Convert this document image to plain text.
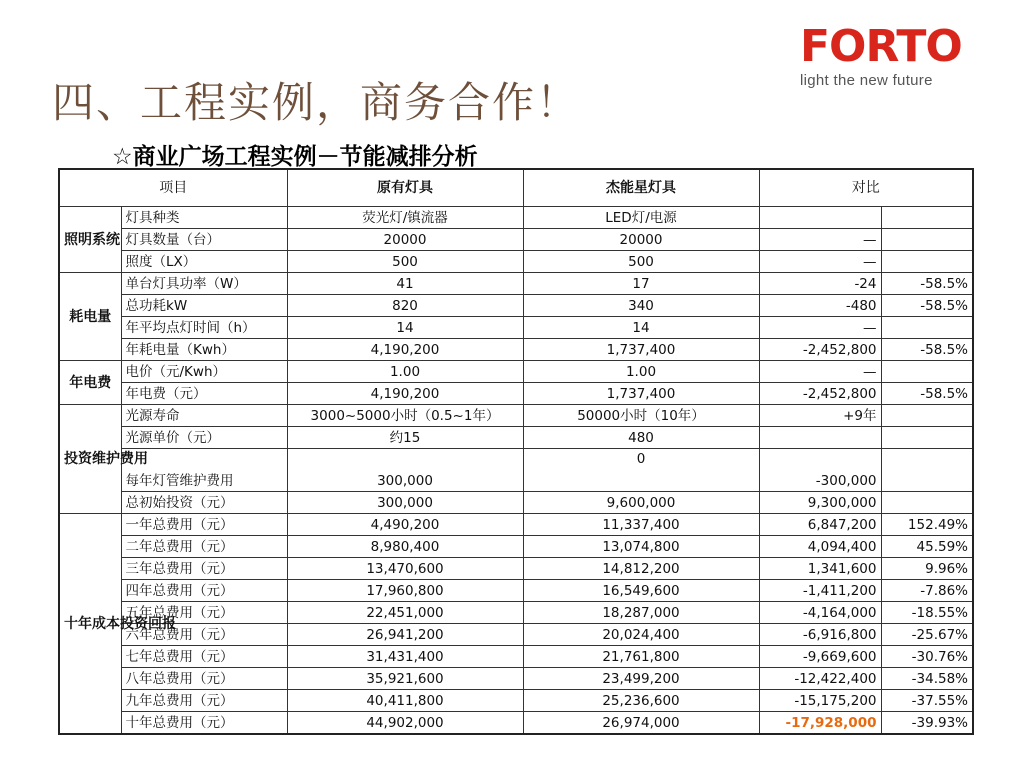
四、工程实例，商务合作！
☆商业广场工程实例－节能减排分析
FORTO
light the new future
项目		原有灯具	杰能星灯具	对比	
照明系统	灯具种类	荧光灯/镇流器	LED灯/电源		
	灯具数量（台）	20000	20000	—	
	照度（LX）	500	500	—	
耗电量	单台灯具功率（W）	41	17	-24	-58.5%
	总功耗kW	820	340	-480	-58.5%
	年平均点灯时间（h）	14	14	—	
	年耗电量（Kwh）	4,190,200	1,737,400	-2,452,800	-58.5%
年电费	电价（元/Kwh）	1.00	1.00	—	
	年电费（元）	4,190,200	1,737,400	-2,452,800	-58.5%
投资维护费用	光源寿命	3000~5000小时（0.5~1年）	50000小时（10年）	+9年	
	光源单价（元）	约15	480		
	每年灯管维护费用	300,000	0	-300,000	
	总初始投资（元）	300,000	9,600,000	9,300,000	
十年成本投资回报	一年总费用（元）	4,490,200	11,337,400	6,847,200	152.49%
	二年总费用（元）	8,980,400	13,074,800	4,094,400	45.59%
	三年总费用（元）	13,470,600	14,812,200	1,341,600	9.96%
	四年总费用（元）	17,960,800	16,549,600	-1,411,200	-7.86%
	五年总费用（元）	22,451,000	18,287,000	-4,164,000	-18.55%
	六年总费用（元）	26,941,200	20,024,400	-6,916,800	-25.67%
	七年总费用（元）	31,431,400	21,761,800	-9,669,600	-30.76%
	八年总费用（元）	35,921,600	23,499,200	-12,422,400	-34.58%
	九年总费用（元）	40,411,800	25,236,600	-15,175,200	-37.55%
	十年总费用（元）	44,902,000	26,974,000	-17,928,000	-39.93%
